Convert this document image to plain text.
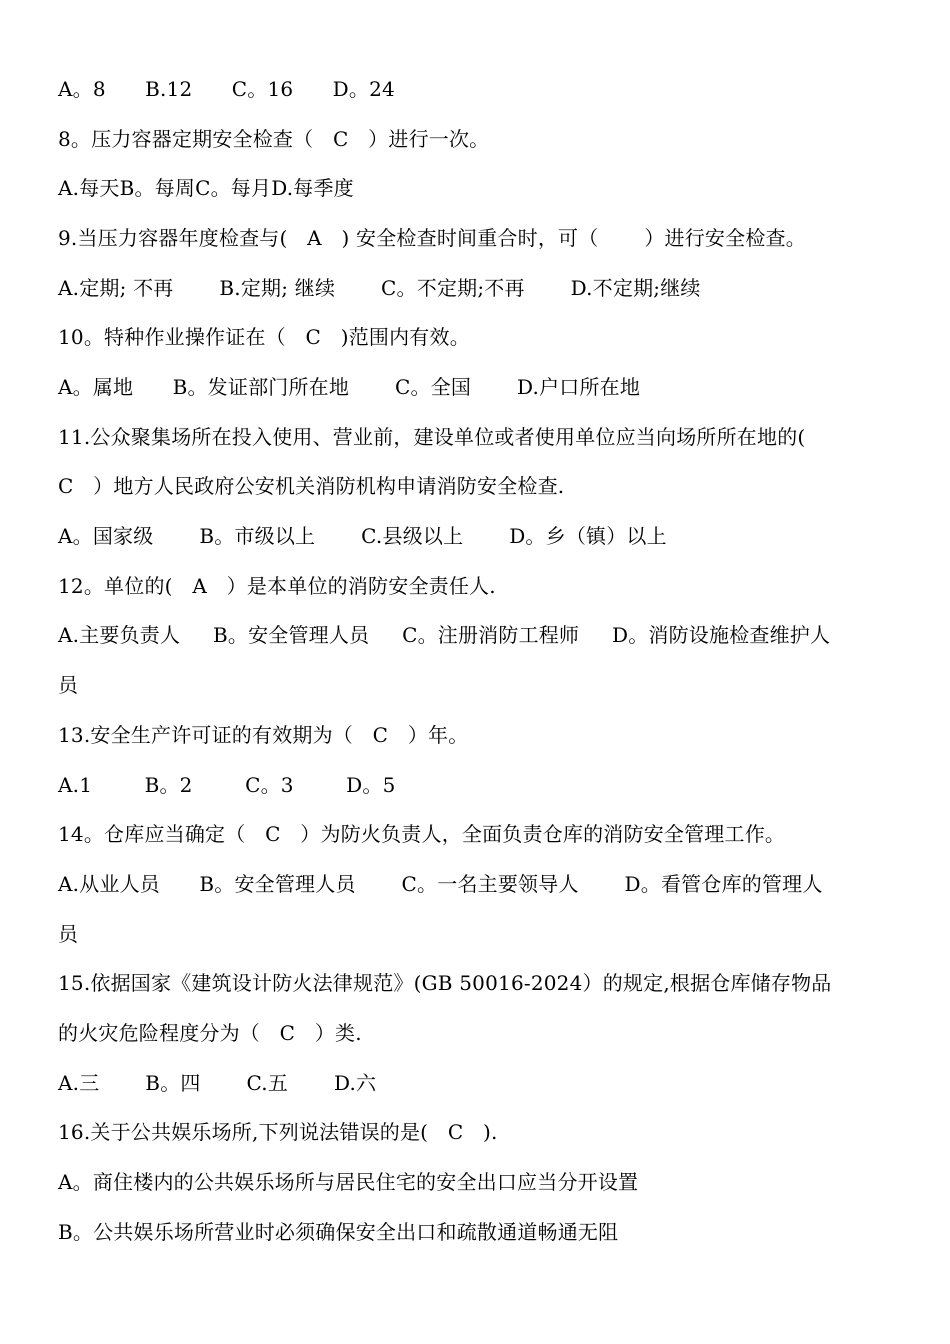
A。8      B.12      C。16      D。24
8。压力容器定期安全检查（   C   ）进行一次。
A.每天B。每周C。每月D.每季度
9.当压力容器年度检查与(   A   ) 安全检查时间重合时，可（       ）进行安全检查。
A.定期; 不再       B.定期; 继续       C。不定期;不再       D.不定期;继续
10。特种作业操作证在（   C   )范围内有效。
A。属地      B。发证部门所在地       C。全国       D.户口所在地
11.公众聚集场所在投入使用、营业前，建设单位或者使用单位应当向场所所在地的(
C   ）地方人民政府公安机关消防机构申请消防安全检查.
A。国家级       B。市级以上       C.县级以上       D。乡（镇）以上
12。单位的(   A   ）是本单位的消防安全责任人.
A.主要负责人     B。安全管理人员     C。注册消防工程师     D。消防设施检查维护人
员
13.安全生产许可证的有效期为（   C   ）年。
A.1        B。2        C。3        D。5
14。仓库应当确定（   C   ）为防火负责人，全面负责仓库的消防安全管理工作。
A.从业人员      B。安全管理人员       C。一名主要领导人       D。看管仓库的管理人
员
15.依据国家《建筑设计防火法律规范》(GB 50016-2024）的规定,根据仓库储存物品
的火灾危险程度分为（   C   ）类.
A.三       B。四       C.五       D.六
16.关于公共娱乐场所,下列说法错误的是(   C   ).
A。商住楼内的公共娱乐场所与居民住宅的安全出口应当分开设置
B。公共娱乐场所营业时必须确保安全出口和疏散通道畅通无阻
